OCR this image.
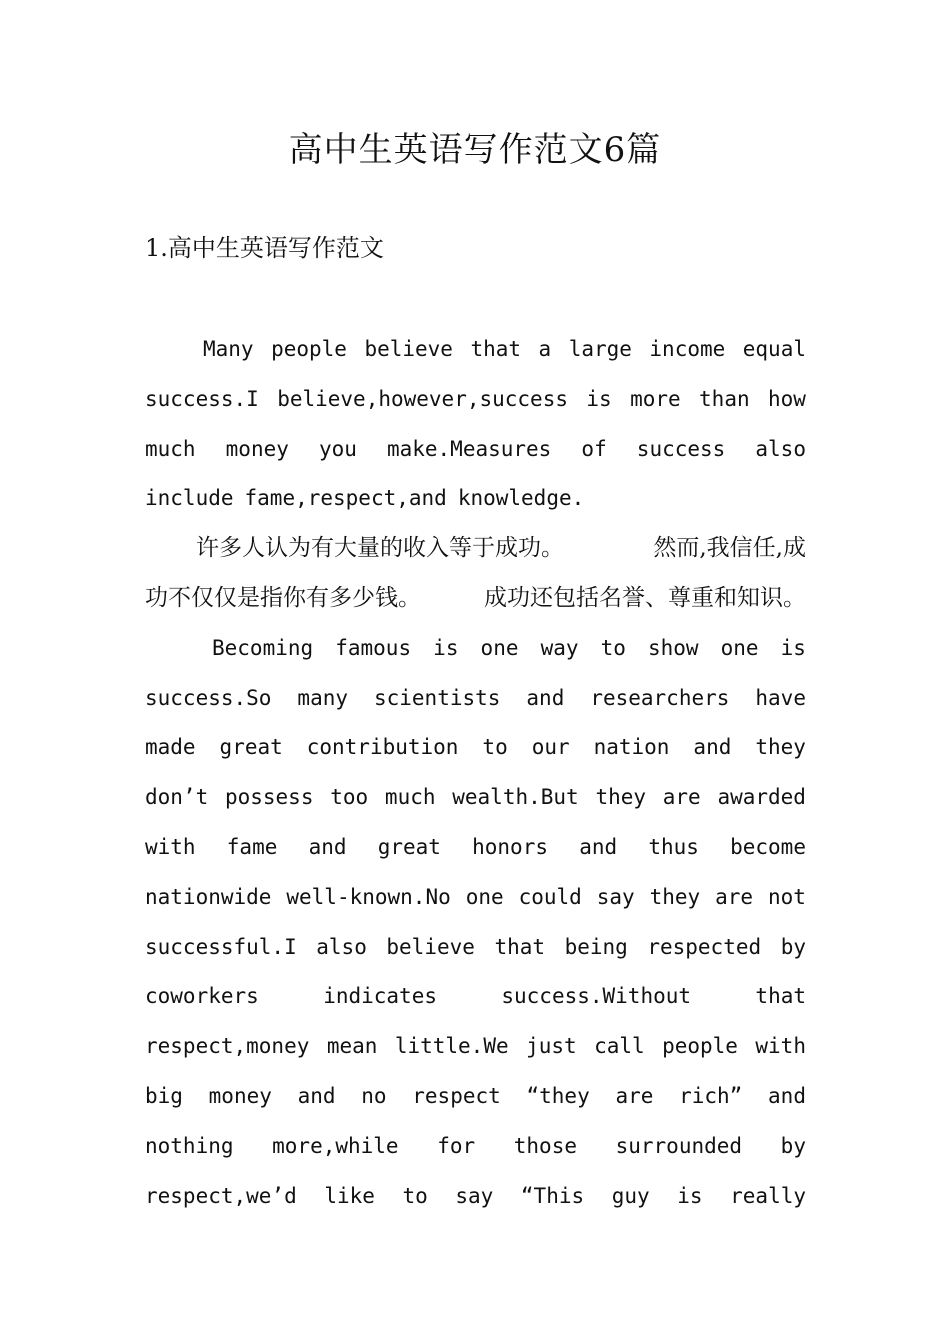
高中生英语写作范文6篇
1.高中生英语写作范文
Many people believe that a large income equal
success.I believe,however,success is more than how
much money you make.Measures of success also
include fame,respect,and knowledge.
许多人认为有大量的收入等于成功。	然而,我信任,成
功不仅仅是指你有多少钱。	成功还包括名誉、尊重和知识。
Becoming famous is one way to show one is
success.So many scientists and researchers have
made great contribution to our nation and they
don’t possess too much wealth.But they are awarded
with fame and great honors and thus become
nationwide well-known.No one could say they are not
successful.I also believe that being respected by
coworkers	indicates	success.Without	that
respect,money mean little.We just call people with
big money and no respect “they are rich” and
nothing more,while for those surrounded by
respect,we’d like to say “This guy is really
